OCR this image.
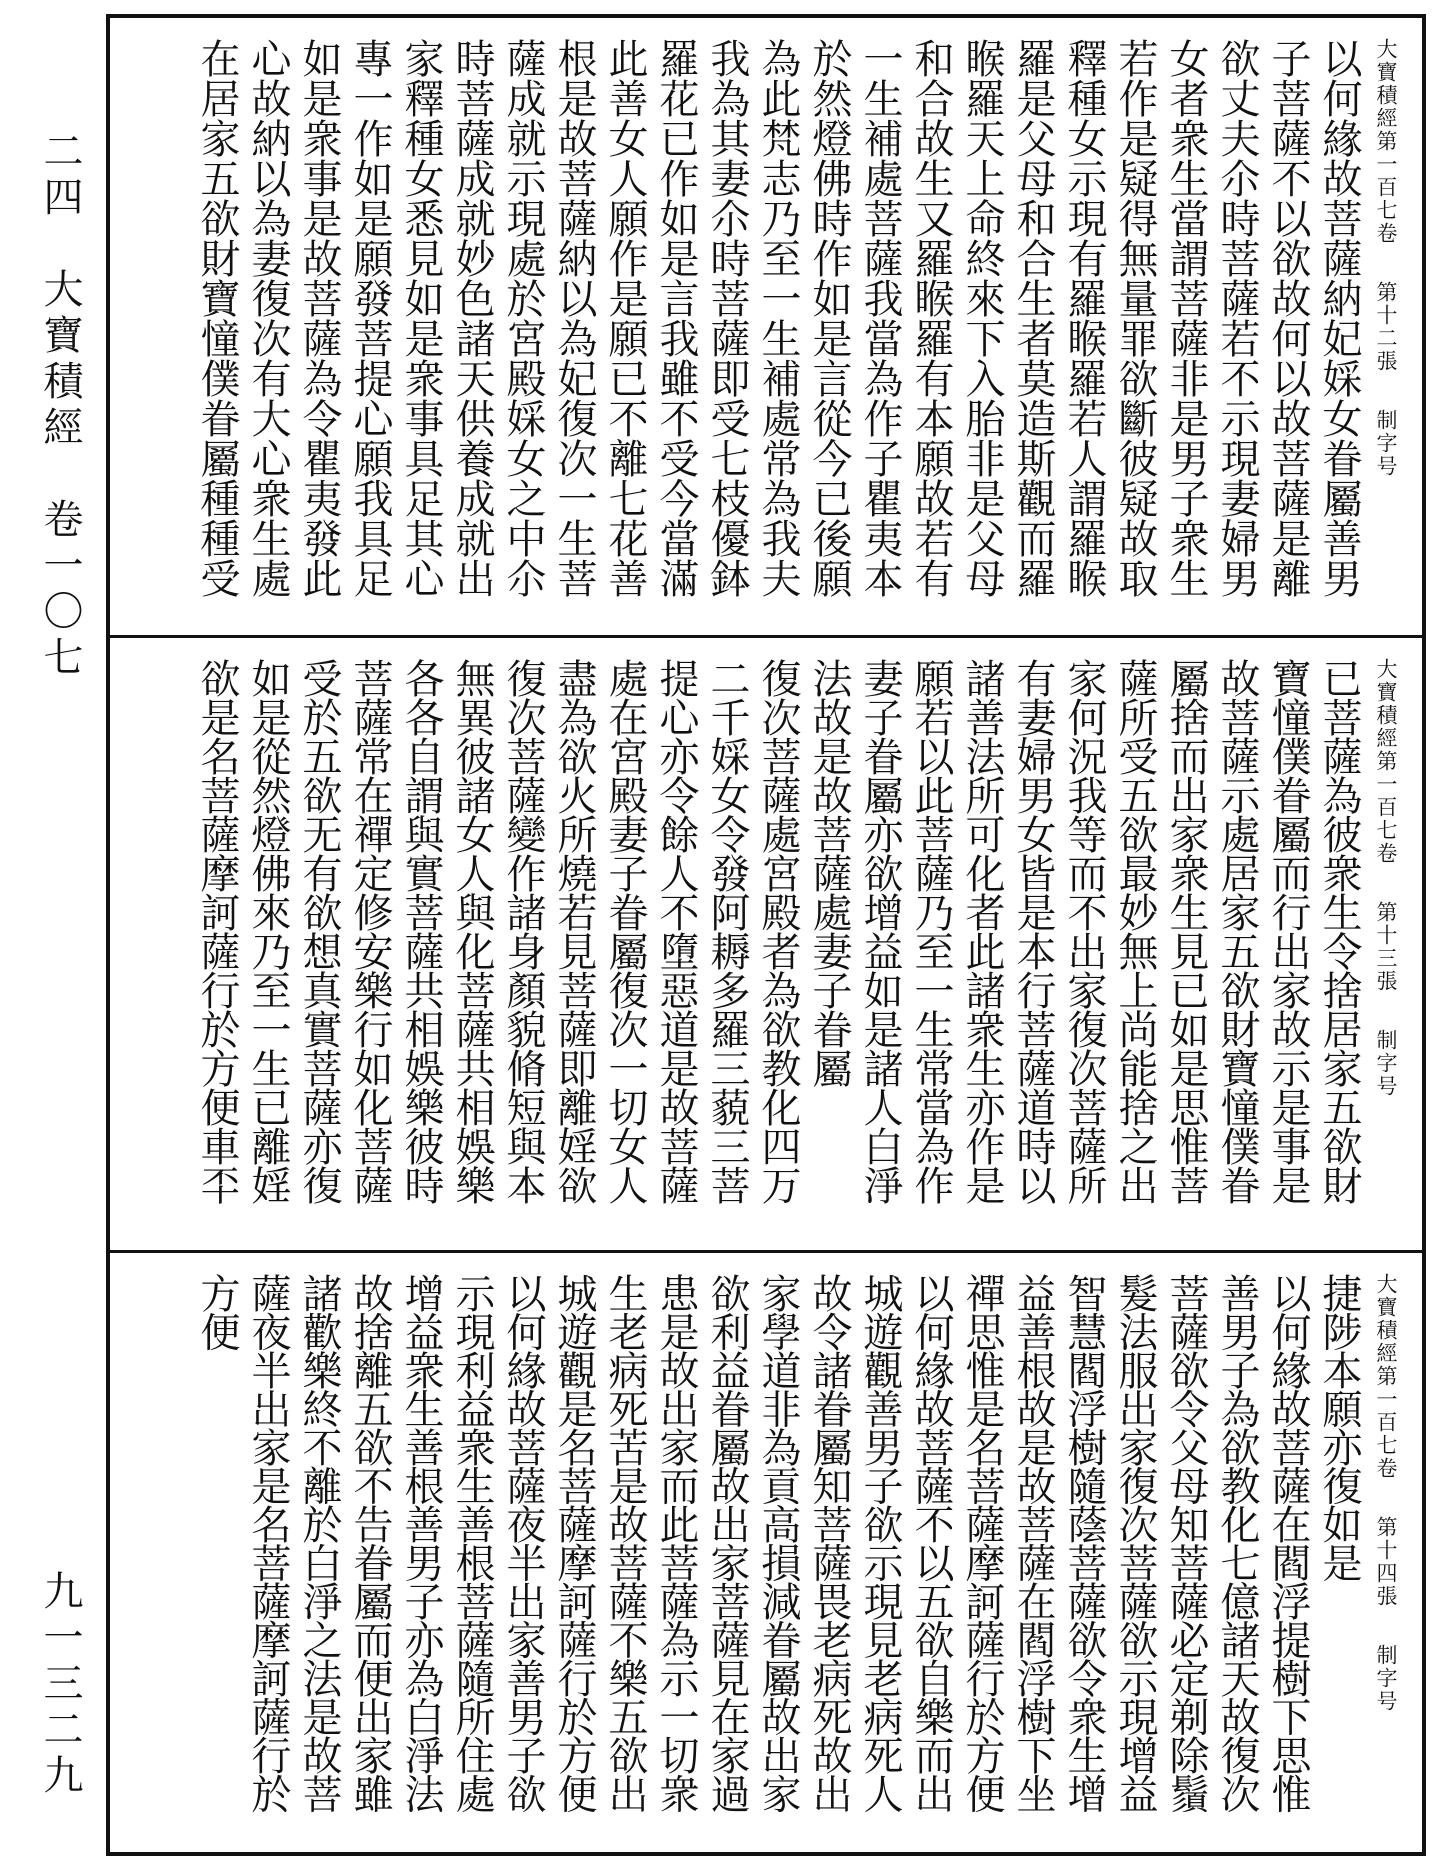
二四　大寶積經　卷一〇七
九一三二九
大寶積經第一百七卷
第十二張
制字号
以何緣故菩薩納妃婇女眷屬善男
子菩薩不以欲故何以故菩薩是離
欲丈夫尒時菩薩若不示現妻婦男
女者衆生當謂菩薩非是男子衆生
若作是疑得無量罪欲斷彼疑故取
釋種女示現有羅睺羅若人謂羅睺
羅是父母和合生者莫造斯觀而羅
睺羅天上命終來下入胎非是父母
和合故生又羅睺羅有本願故若有
一生補處菩薩我當為作子瞿夷本
於然燈佛時作如是言從今已後願
為此梵志乃至一生補處常為我夫
我為其妻尒時菩薩即受七枝優鉢
羅花已作如是言我雖不受今當滿
此善女人願作是願已不離七花善
根是故菩薩納以為妃復次一生菩
薩成就示現處於宮殿婇女之中尒
時菩薩成就妙色諸天供養成就出
家釋種女悉見如是衆事具足其心
專一作如是願發菩提心願我具足
如是衆事是故菩薩為令瞿夷發此
心故納以為妻復次有大心衆生處
在居家五欲財寶憧僕眷屬種種受
大寶積經第一百七卷
第十三張
制字号
已菩薩為彼衆生令捨居家五欲財
寶憧僕眷屬而行出家故示是事是
故菩薩示處居家五欲財寶憧僕眷
屬捨而出家衆生見已如是思惟菩
薩所受五欲最妙無上尚能捨之出
家何況我等而不出家復次菩薩所
有妻婦男女皆是本行菩薩道時以
諸善法所可化者此諸衆生亦作是
願若以此菩薩乃至一生常當為作
妻子眷屬亦欲增益如是諸人白淨
法故是故菩薩處妻子眷屬
復次菩薩處宮殿者為欲教化四万
二千婇女令發阿耨多羅三藐三菩
提心亦令餘人不墮惡道是故菩薩
處在宮殿妻子眷屬復次一切女人
盡為欲火所燒若見菩薩即離婬欲
復次菩薩變作諸身顏貌脩短與本
無異彼諸女人與化菩薩共相娛樂
各各自謂與實菩薩共相娛樂彼時
菩薩常在禪定修安樂行如化菩薩
受於五欲无有欲想真實菩薩亦復
如是從然燈佛來乃至一生已離婬
欲是名菩薩摩訶薩行於方便車㔻
大寶積經第一百七卷
第十四張
制字号
捷陟本願亦復如是
以何緣故菩薩在閻浮提樹下思惟
善男子為欲教化七億諸天故復次
菩薩欲令父母知菩薩必定剃除鬚
髮法服出家復次菩薩欲示現增益
智慧閻浮樹隨蔭菩薩欲令衆生增
益善根故是故菩薩在閻浮樹下坐
禪思惟是名菩薩摩訶薩行於方便
以何緣故菩薩不以五欲自樂而出
城遊觀善男子欲示現見老病死人
故令諸眷屬知菩薩畏老病死故出
家學道非為貢高損減眷屬故出家
欲利益眷屬故出家菩薩見在家過
患是故出家而此菩薩為示一切衆
生老病死苦是故菩薩不樂五欲出
城遊觀是名菩薩摩訶薩行於方便
以何緣故菩薩夜半出家善男子欲
示現利益衆生善根菩薩隨所住處
增益衆生善根善男子亦為白淨法
故捨離五欲不告眷屬而便出家雖
諸歡樂終不離於白淨之法是故菩
薩夜半出家是名菩薩摩訶薩行於
方便
